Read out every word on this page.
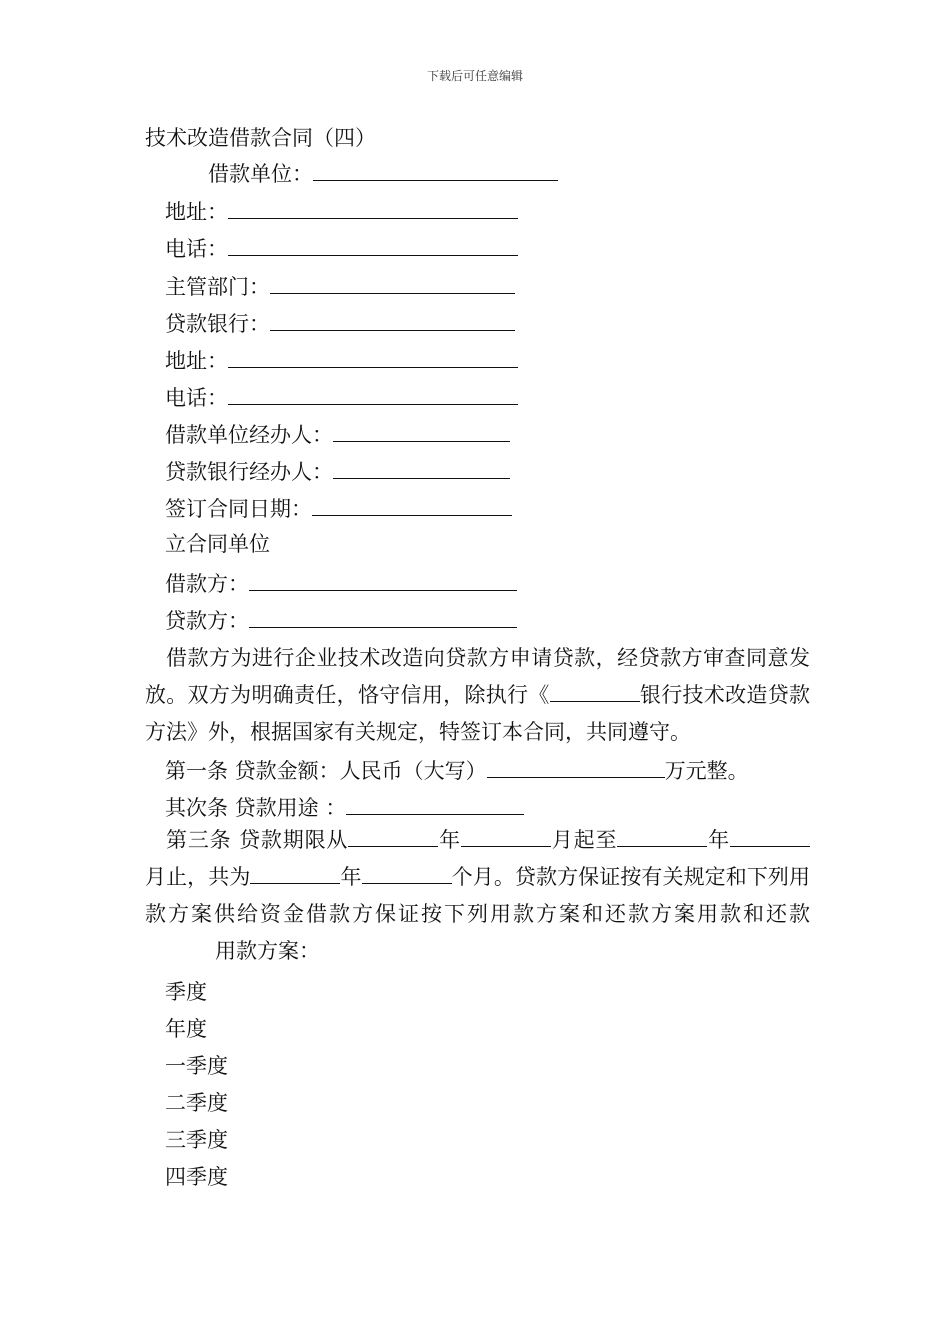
下载后可任意编辑
技术改造借款合同（四）
借款单位：
地址：
电话：
主管部门：
贷款银行：
地址：
电话：
借款单位经办人：
贷款银行经办人：
签订合同日期：
立合同单位
借款方：
贷款方：
借款方为进行企业技术改造向贷款方申请贷款，经贷款方审查同意发放。双方为明确责任，恪守信用，除执行《	银行技术改造贷款方法》外，根据国家有关规定，特签订本合同，共同遵守。
第一条 贷款金额：人民币（大写）	万元整。
其次条 贷款用途 ：
第三条 贷款期限从	年	月起至	年月止，共为	年	个月。贷款方保证按有关规定和下列用款方案供给资金借款方保证按下列用款方案和还款方案用款和还款用款方案：
季度
年度
一季度
二季度
三季度
四季度
